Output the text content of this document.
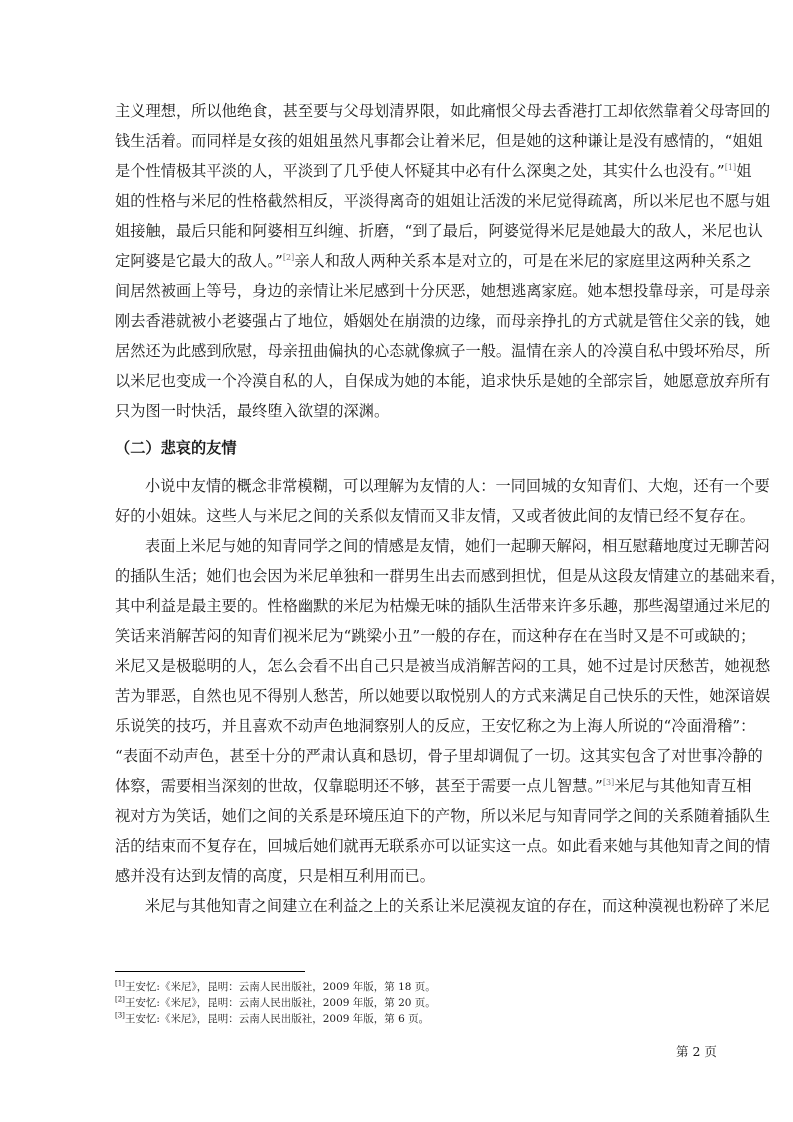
主义理想，所以他绝食，甚至要与父母划清界限，如此痛恨父母去香港打工却依然靠着父母寄回的
钱生活着。而同样是女孩的姐姐虽然凡事都会让着米尼，但是她的这种谦让是没有感情的，“姐姐
是个性情极其平淡的人，平淡到了几乎使人怀疑其中必有什么深奥之处，其实什么也没有。”[1]姐
姐的性格与米尼的性格截然相反，平淡得离奇的姐姐让活泼的米尼觉得疏离，所以米尼也不愿与姐
姐接触，最后只能和阿婆相互纠缠、折磨，“到了最后，阿婆觉得米尼是她最大的敌人，米尼也认
定阿婆是它最大的敌人。”[2]亲人和敌人两种关系本是对立的，可是在米尼的家庭里这两种关系之
间居然被画上等号，身边的亲情让米尼感到十分厌恶，她想逃离家庭。她本想投靠母亲，可是母亲
刚去香港就被小老婆强占了地位，婚姻处在崩溃的边缘，而母亲挣扎的方式就是管住父亲的钱，她
居然还为此感到欣慰，母亲扭曲偏执的心态就像疯子一般。温情在亲人的冷漠自私中毁坏殆尽，所
以米尼也变成一个冷漠自私的人，自保成为她的本能，追求快乐是她的全部宗旨，她愿意放弃所有
只为图一时快活，最终堕入欲望的深渊。
（二）悲哀的友情
小说中友情的概念非常模糊，可以理解为友情的人：一同回城的女知青们、大炮，还有一个要
好的小姐妹。这些人与米尼之间的关系似友情而又非友情，又或者彼此间的友情已经不复存在。
表面上米尼与她的知青同学之间的情感是友情，她们一起聊天解闷，相互慰藉地度过无聊苦闷
的插队生活；她们也会因为米尼单独和一群男生出去而感到担忧，但是从这段友情建立的基础来看，
其中利益是最主要的。性格幽默的米尼为枯燥无味的插队生活带来许多乐趣，那些渴望通过米尼的
笑话来消解苦闷的知青们视米尼为“跳梁小丑”一般的存在，而这种存在在当时又是不可或缺的；
米尼又是极聪明的人，怎么会看不出自己只是被当成消解苦闷的工具，她不过是讨厌愁苦，她视愁
苦为罪恶，自然也见不得别人愁苦，所以她要以取悦别人的方式来满足自己快乐的天性，她深谙娱
乐说笑的技巧，并且喜欢不动声色地洞察别人的反应，王安忆称之为上海人所说的“冷面滑稽”：
“表面不动声色，甚至十分的严肃认真和恳切，骨子里却调侃了一切。这其实包含了对世事冷静的
体察，需要相当深刻的世故，仅靠聪明还不够，甚至于需要一点儿智慧。”[3]米尼与其他知青互相
视对方为笑话，她们之间的关系是环境压迫下的产物，所以米尼与知青同学之间的关系随着插队生
活的结束而不复存在，回城后她们就再无联系亦可以证实这一点。如此看来她与其他知青之间的情
感并没有达到友情的高度，只是相互利用而已。
米尼与其他知青之间建立在利益之上的关系让米尼漠视友谊的存在，而这种漠视也粉碎了米尼
[1]王安忆:《米尼》，昆明：云南人民出版社，2009 年版，第 18 页。
[2]王安忆:《米尼》，昆明：云南人民出版社，2009 年版，第 20 页。
[3]王安忆:《米尼》，昆明：云南人民出版社，2009 年版，第 6 页。
第 2 页
